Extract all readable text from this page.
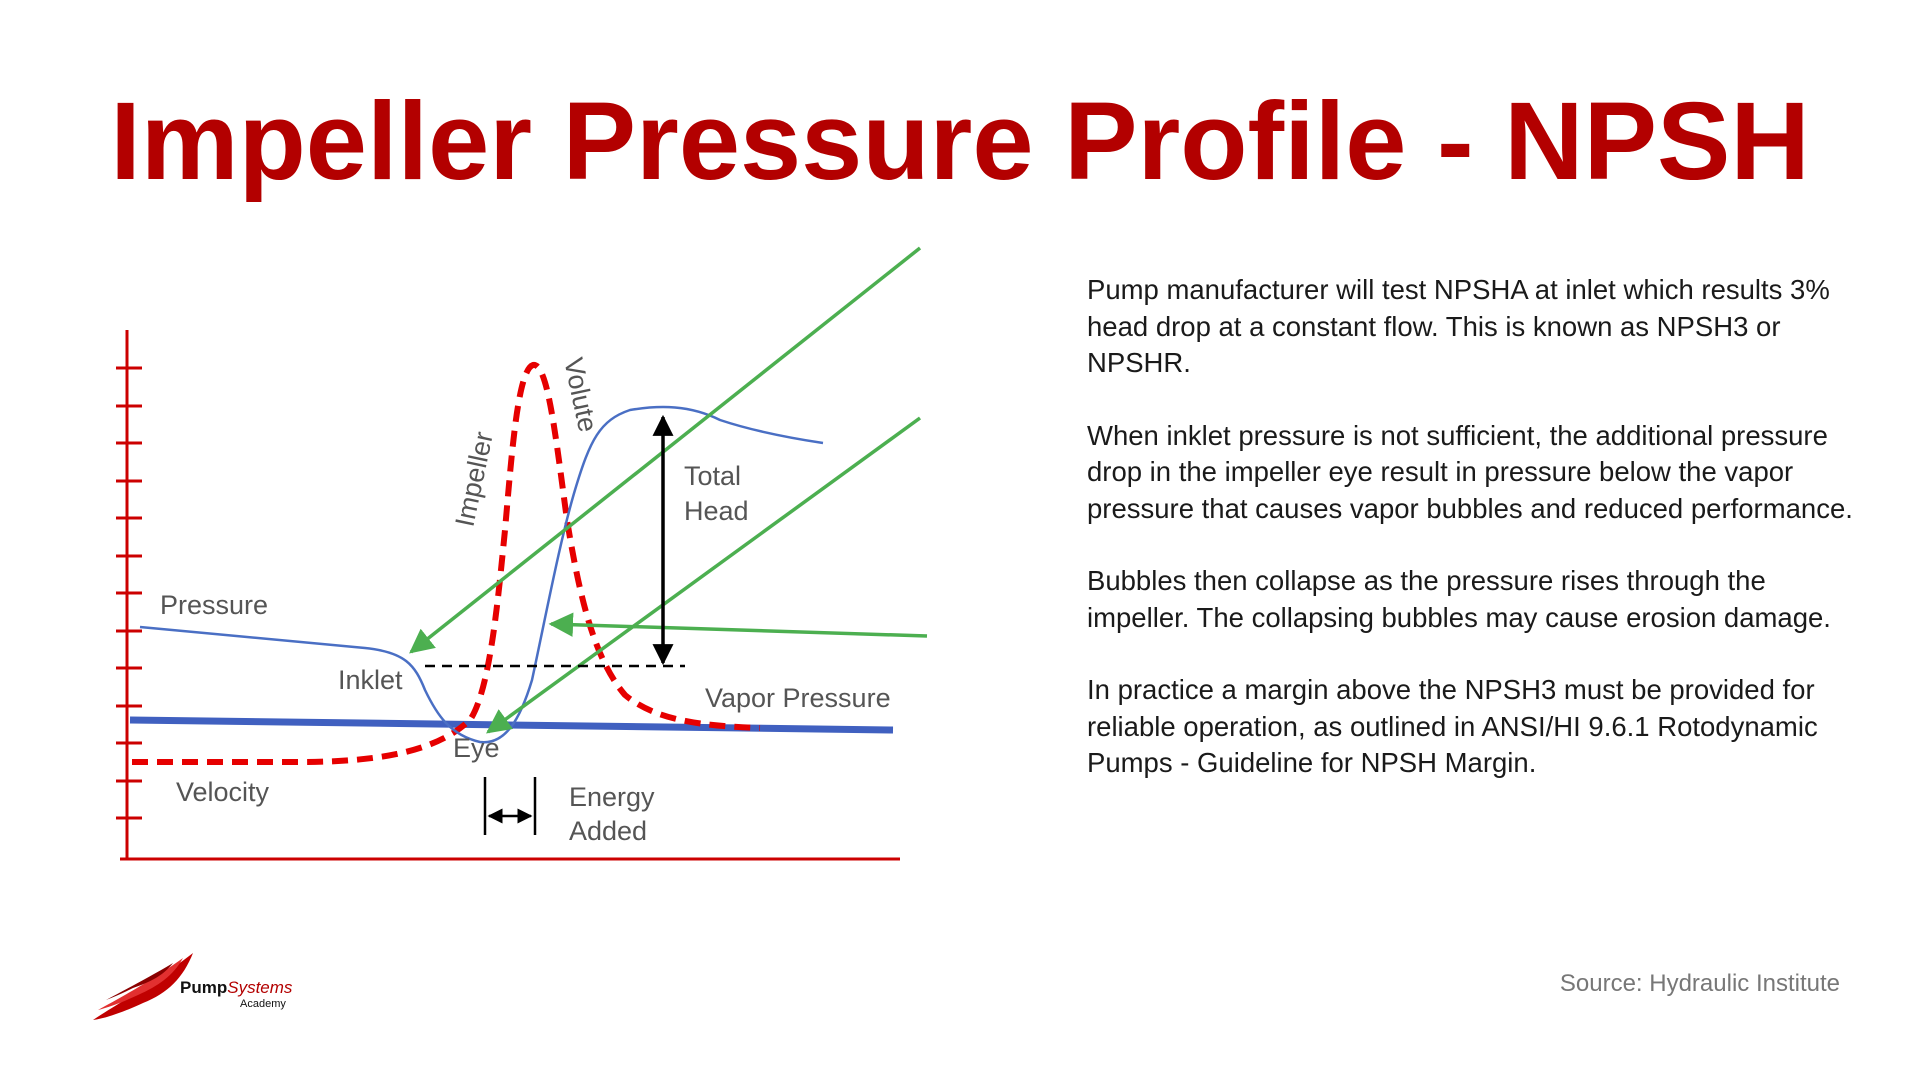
Impeller Pressure Profile - NPSH
Pressure
Inklet
Eye
Velocity
Impeller
Volute
Total
Head
Vapor Pressure
Energy
Added

Pump manufacturer will test NPSHA at inlet which results 3% head drop at a constant flow. This is known as NPSH3 or NPSHR.

When inklet pressure is not sufficient, the additional pressure drop in the impeller eye result in pressure below the vapor pressure that causes vapor bubbles and reduced performance.

Bubbles then collapse as the pressure rises through the impeller. The collapsing bubbles may cause erosion damage.

In practice a margin above the NPSH3 must be provided for reliable operation, as outlined in ANSI/HI 9.6.1 Rotodynamic Pumps - Guideline for NPSH Margin.

Source: Hydraulic Institute
PumpSystems
Academy
